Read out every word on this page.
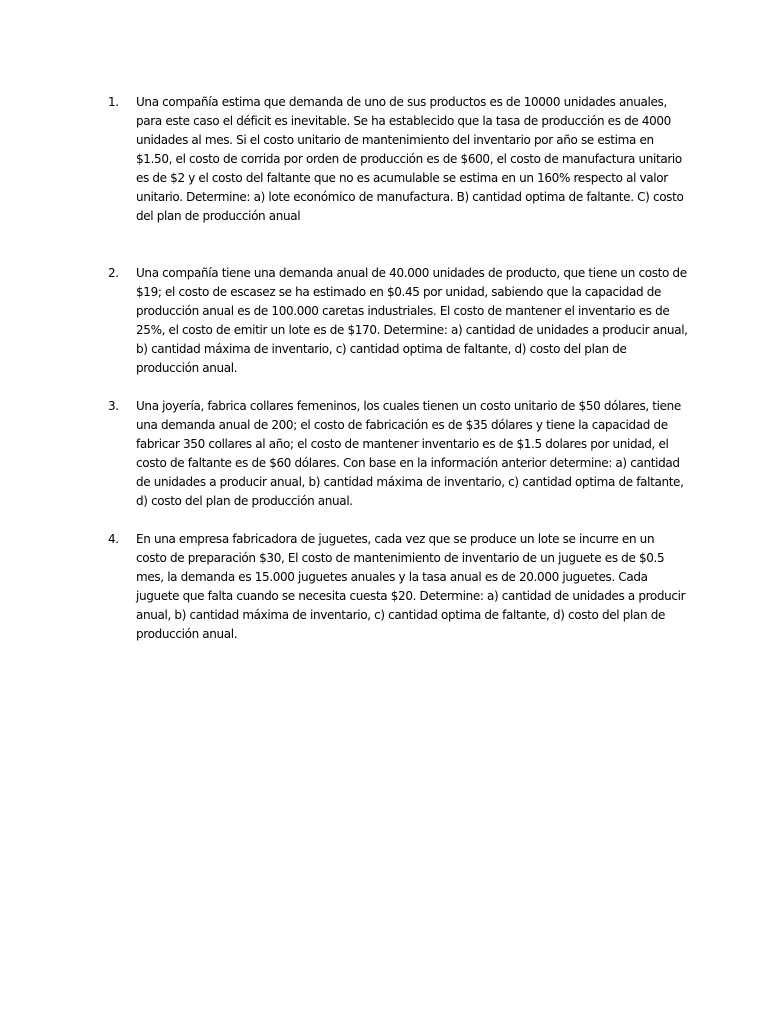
1. Una compañía estima que demanda de uno de sus productos es de 10000 unidades anuales, para este caso el déficit es inevitable. Se ha establecido que la tasa de producción es de 4000 unidades al mes. Si el costo unitario de mantenimiento del inventario por año se estima en $1.50, el costo de corrida por orden de producción es de $600, el costo de manufactura unitario es de $2 y el costo del faltante que no es acumulable se estima en un 160% respecto al valor unitario. Determine: a) lote económico de manufactura. B) cantidad optima de faltante. C) costo del plan de producción anual
2. Una compañía tiene una demanda anual de 40.000 unidades de producto, que tiene un costo de $19; el costo de escasez se ha estimado en $0.45 por unidad, sabiendo que la capacidad de producción anual es de 100.000 caretas industriales. El costo de mantener el inventario es de 25%, el costo de emitir un lote es de $170. Determine: a) cantidad de unidades a producir anual, b) cantidad máxima de inventario, c) cantidad optima de faltante, d) costo del plan de producción anual.
3. Una joyería, fabrica collares femeninos, los cuales tienen un costo unitario de $50 dólares, tiene una demanda anual de 200; el costo de fabricación es de $35 dólares y tiene la capacidad de fabricar 350 collares al año; el costo de mantener inventario es de $1.5 dolares por unidad, el costo de faltante es de $60 dólares. Con base en la información anterior determine: a) cantidad de unidades a producir anual, b) cantidad máxima de inventario, c) cantidad optima de faltante, d) costo del plan de producción anual.
4. En una empresa fabricadora de juguetes, cada vez que se produce un lote se incurre en un costo de preparación $30, El costo de mantenimiento de inventario de un juguete es de $0.5 mes, la demanda es 15.000 juguetes anuales y la tasa anual es de 20.000 juguetes. Cada juguete que falta cuando se necesita cuesta $20. Determine: a) cantidad de unidades a producir anual, b) cantidad máxima de inventario, c) cantidad optima de faltante, d) costo del plan de producción anual.
